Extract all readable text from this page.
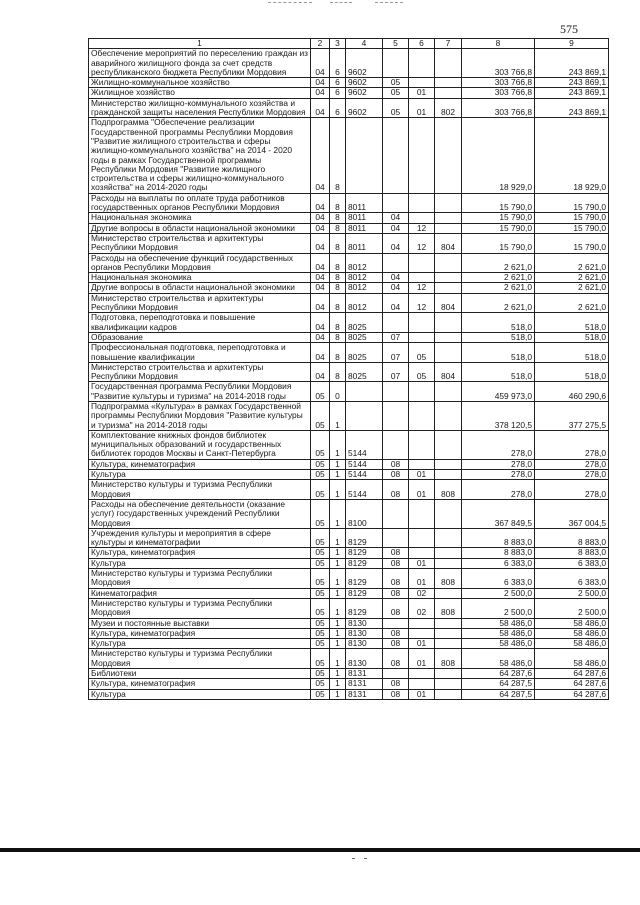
575
1	2	3	4	5	6	7	8	9
Обеспечение мероприятий по переселению граждан из аварийного жилищного фонда за счет средств республиканского бюджета Республики Мордовия	04	6	9602				303 766,8	243 869,1
Жилищно-коммунальное хозяйство	04	6	9602	05			303 766,8	243 869,1
Жилищное хозяйство	04	6	9602	05	01		303 766,8	243 869,1
Министерство жилищно-коммунального хозяйства и гражданской защиты населения Республики Мордовия	04	6	9602	05	01	802	303 766,8	243 869,1
Подпрограмма "Обеспечение реализации Государственной программы Республики Мордовия "Развитие жилищного строительства и сферы жилищно-коммунального хозяйства" на 2014 - 2020 годы в рамках Государственной программы Республики Мордовия "Развитие жилищного строительства и сферы жилищно-коммунального хозяйства" на 2014-2020 годы	04	8					18 929,0	18 929,0
Расходы на выплаты по оплате труда работников государственных органов Республики Мордовия	04	8	8011				15 790,0	15 790,0
Национальная экономика	04	8	8011	04			15 790,0	15 790,0
Другие вопросы в области национальной экономики	04	8	8011	04	12		15 790,0	15 790,0
Министерство строительства и архитектуры Республики Мордовия	04	8	8011	04	12	804	15 790,0	15 790,0
Расходы на обеспечение функций государственных органов Республики Мордовия	04	8	8012				2 621,0	2 621,0
Национальная экономика	04	8	8012	04			2 621,0	2 621,0
Другие вопросы в области национальной экономики	04	8	8012	04	12		2 621,0	2 621,0
Министерство строительства и архитектуры Республики Мордовия	04	8	8012	04	12	804	2 621,0	2 621,0
Подготовка, переподготовка и повышение квалификации кадров	04	8	8025				518,0	518,0
Образование	04	8	8025	07			518,0	518,0
Профессиональная подготовка, переподготовка и повышение квалификации	04	8	8025	07	05		518,0	518,0
Министерство строительства и архитектуры Республики Мордовия	04	8	8025	07	05	804	518,0	518,0
Государственная программа Республики Мордовия "Развитие культуры и туризма" на 2014-2018 годы	05	0					459 973,0	460 290,6
Подпрограмма «Культура» в рамках Государственной программы Республики Мордовия "Развитие культуры и туризма" на 2014-2018 годы	05	1					378 120,5	377 275,5
Комплектование книжных фондов библиотек муниципальных образований и государственных библиотек городов Москвы и Санкт-Петербурга	05	1	5144				278,0	278,0
Культура, кинематография	05	1	5144	08			278,0	278,0
Культура	05	1	5144	08	01		278,0	278,0
Министерство культуры и туризма Республики Мордовия	05	1	5144	08	01	808	278,0	278,0
Расходы на обеспечение деятельности (оказание услуг) государственных учреждений Республики Мордовия	05	1	8100				367 849,5	367 004,5
Учреждения культуры и мероприятия в сфере культуры и кинематографии	05	1	8129				8 883,0	8 883,0
Культура, кинематография	05	1	8129	08			8 883,0	8 883,0
Культура	05	1	8129	08	01		6 383,0	6 383,0
Министерство культуры и туризма Республики Мордовия	05	1	8129	08	01	808	6 383,0	6 383,0
Кинематография	05	1	8129	08	02		2 500,0	2 500,0
Министерство культуры и туризма Республики Мордовия	05	1	8129	08	02	808	2 500,0	2 500,0
Музеи и постоянные выставки	05	1	8130				58 486,0	58 486,0
Культура, кинематография	05	1	8130	08			58 486,0	58 486,0
Культура	05	1	8130	08	01		58 486,0	58 486,0
Министерство культуры и туризма Республики Мордовия	05	1	8130	08	01	808	58 486,0	58 486,0
Библиотеки	05	1	8131				64 287,6	64 287,6
Культура, кинематография	05	1	8131	08			64 287,5	64 287,6
Культура	05	1	8131	08	01		64 287,5	64 287,6
